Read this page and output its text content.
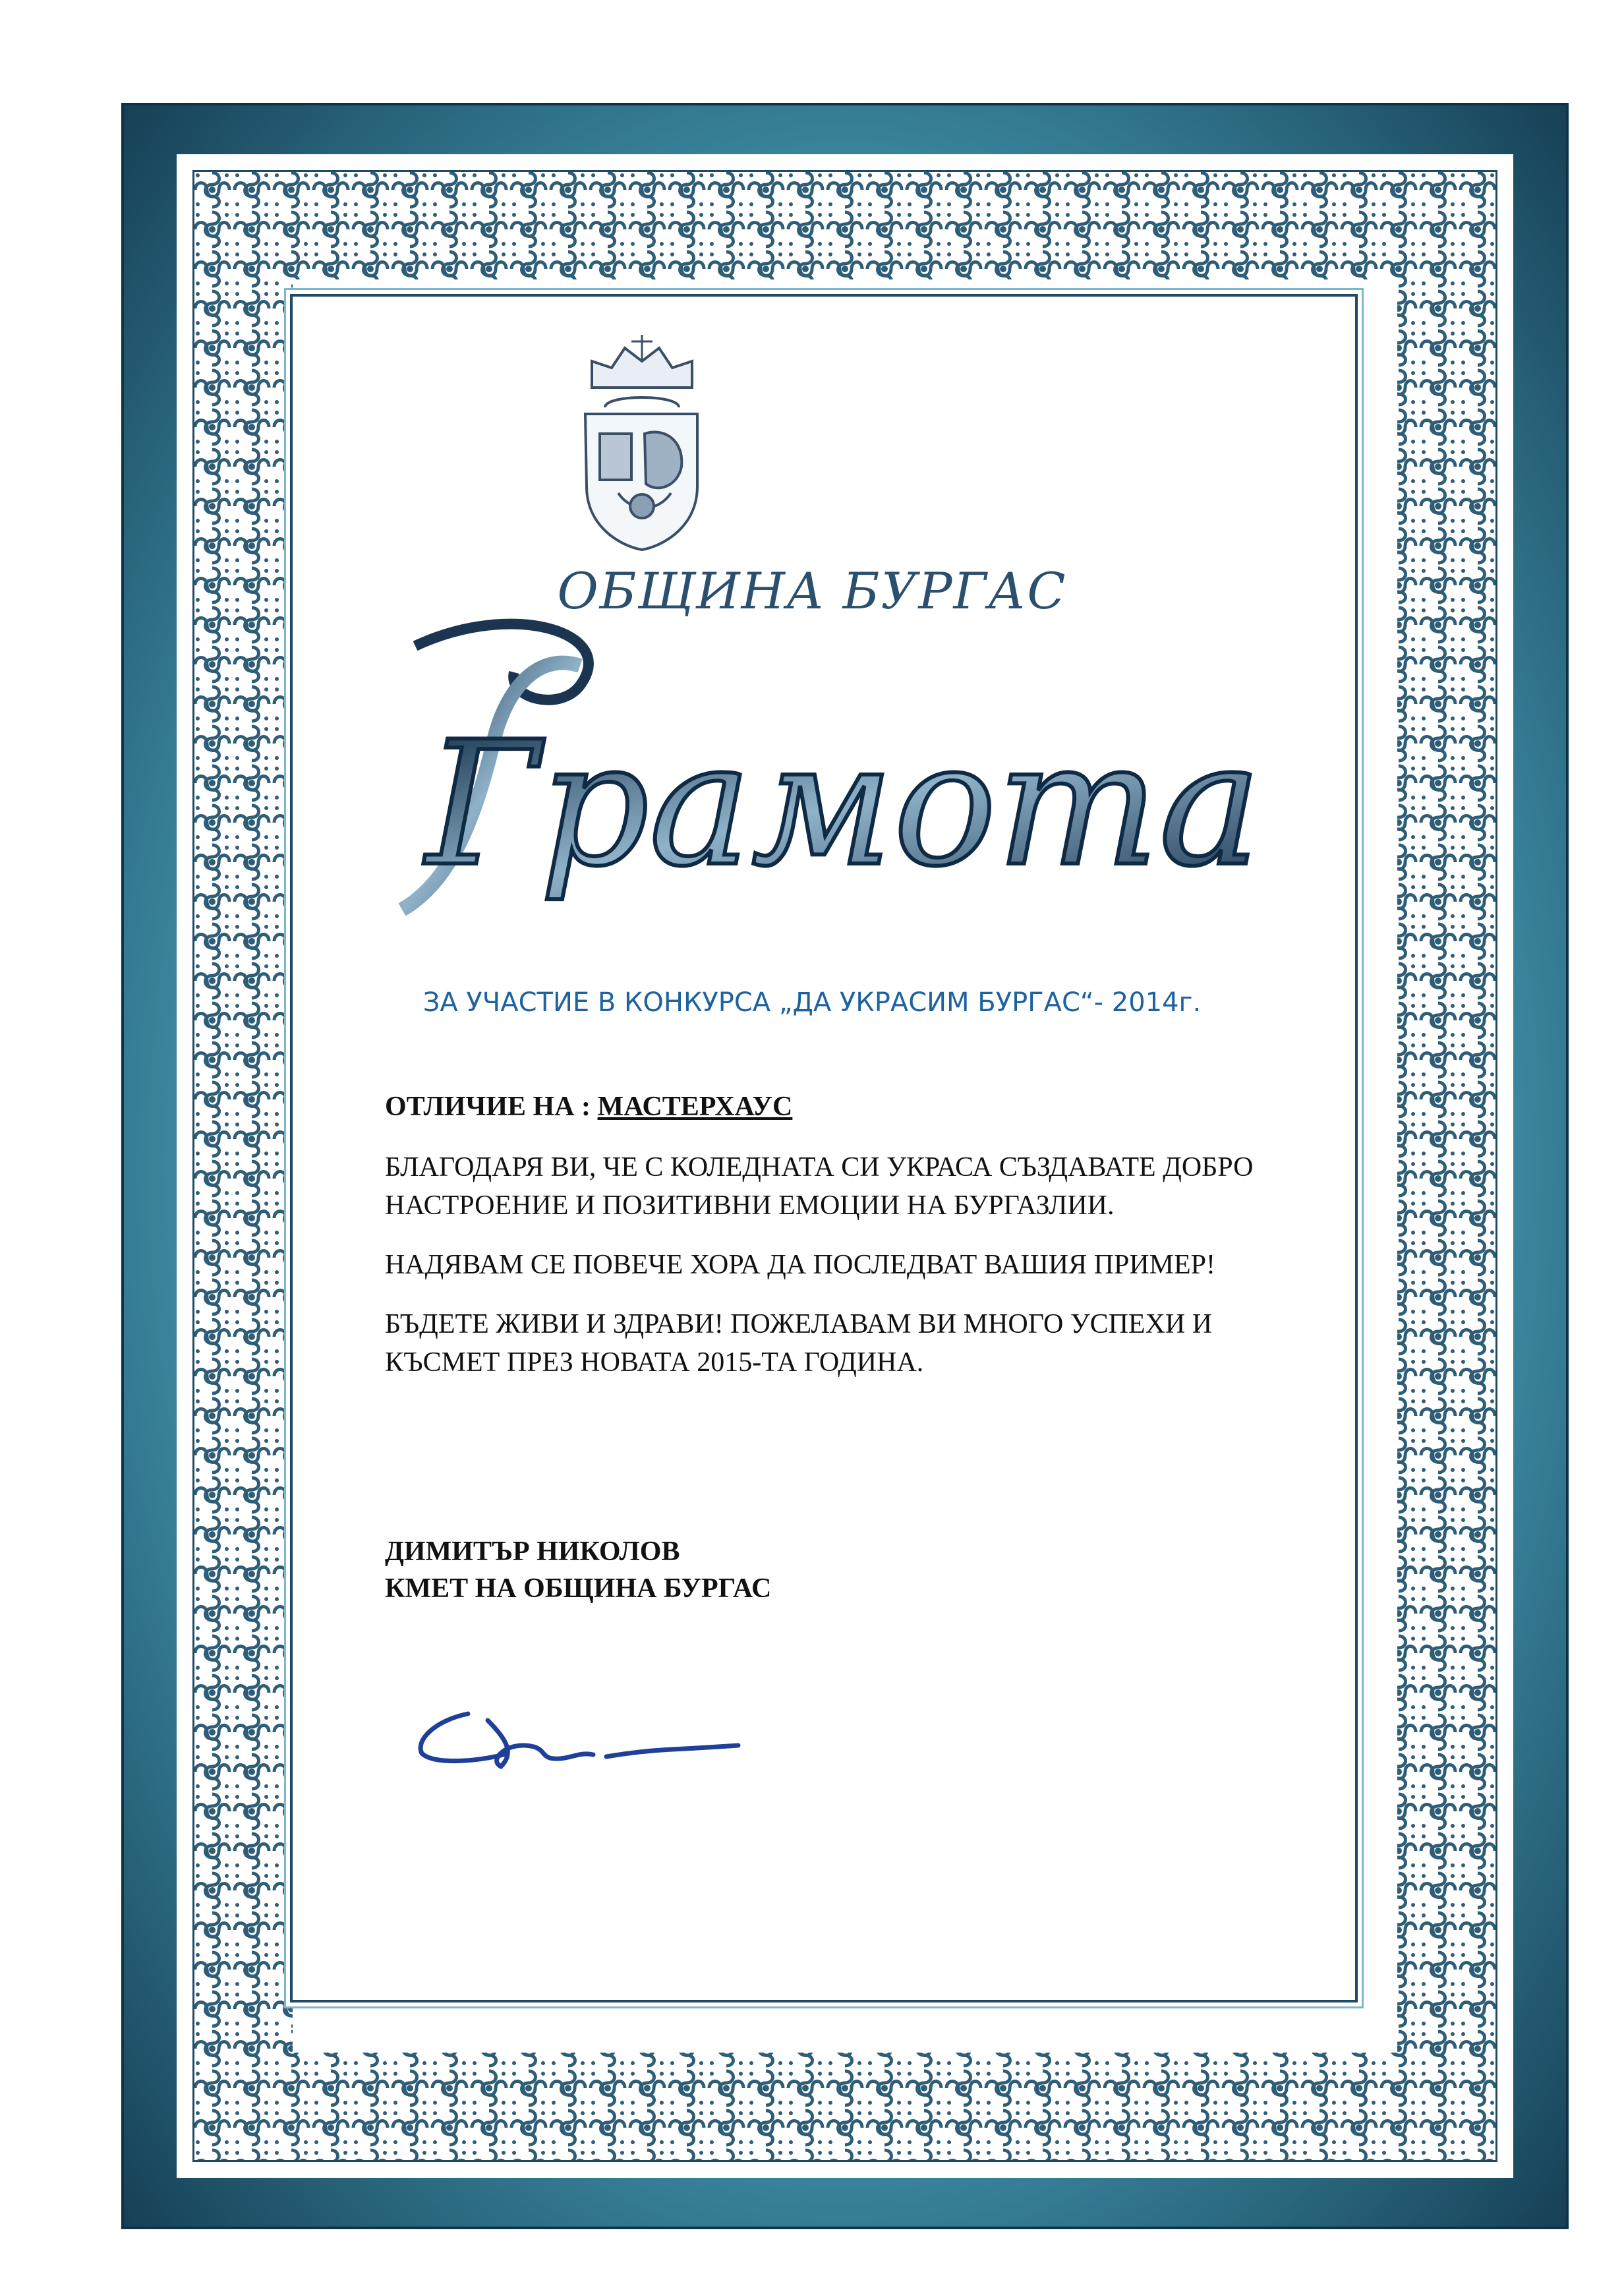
ОБЩИНА БУРГАС
Грамота
ЗА УЧАСТИЕ В КОНКУРСА „ДА УКРАСИМ БУРГАС“- 2014г.

ОТЛИЧИЕ НА : МАСТЕРХАУС

БЛАГОДАРЯ ВИ, ЧЕ С КОЛЕДНАТА СИ УКРАСА СЪЗДАВАТЕ ДОБРО НАСТРОЕНИЕ И ПОЗИТИВНИ ЕМОЦИИ НА БУРГАЗЛИИ.

НАДЯВАМ СЕ ПОВЕЧЕ ХОРА ДА ПОСЛЕДВАТ ВАШИЯ ПРИМЕР!

БЪДЕТЕ ЖИВИ И ЗДРАВИ! ПОЖЕЛАВАМ ВИ МНОГО УСПЕХИ И КЪСМЕТ ПРЕЗ НОВАТА 2015-ТА ГОДИНА.

ДИМИТЪР НИКОЛОВ
КМЕТ НА ОБЩИНА БУРГАС
